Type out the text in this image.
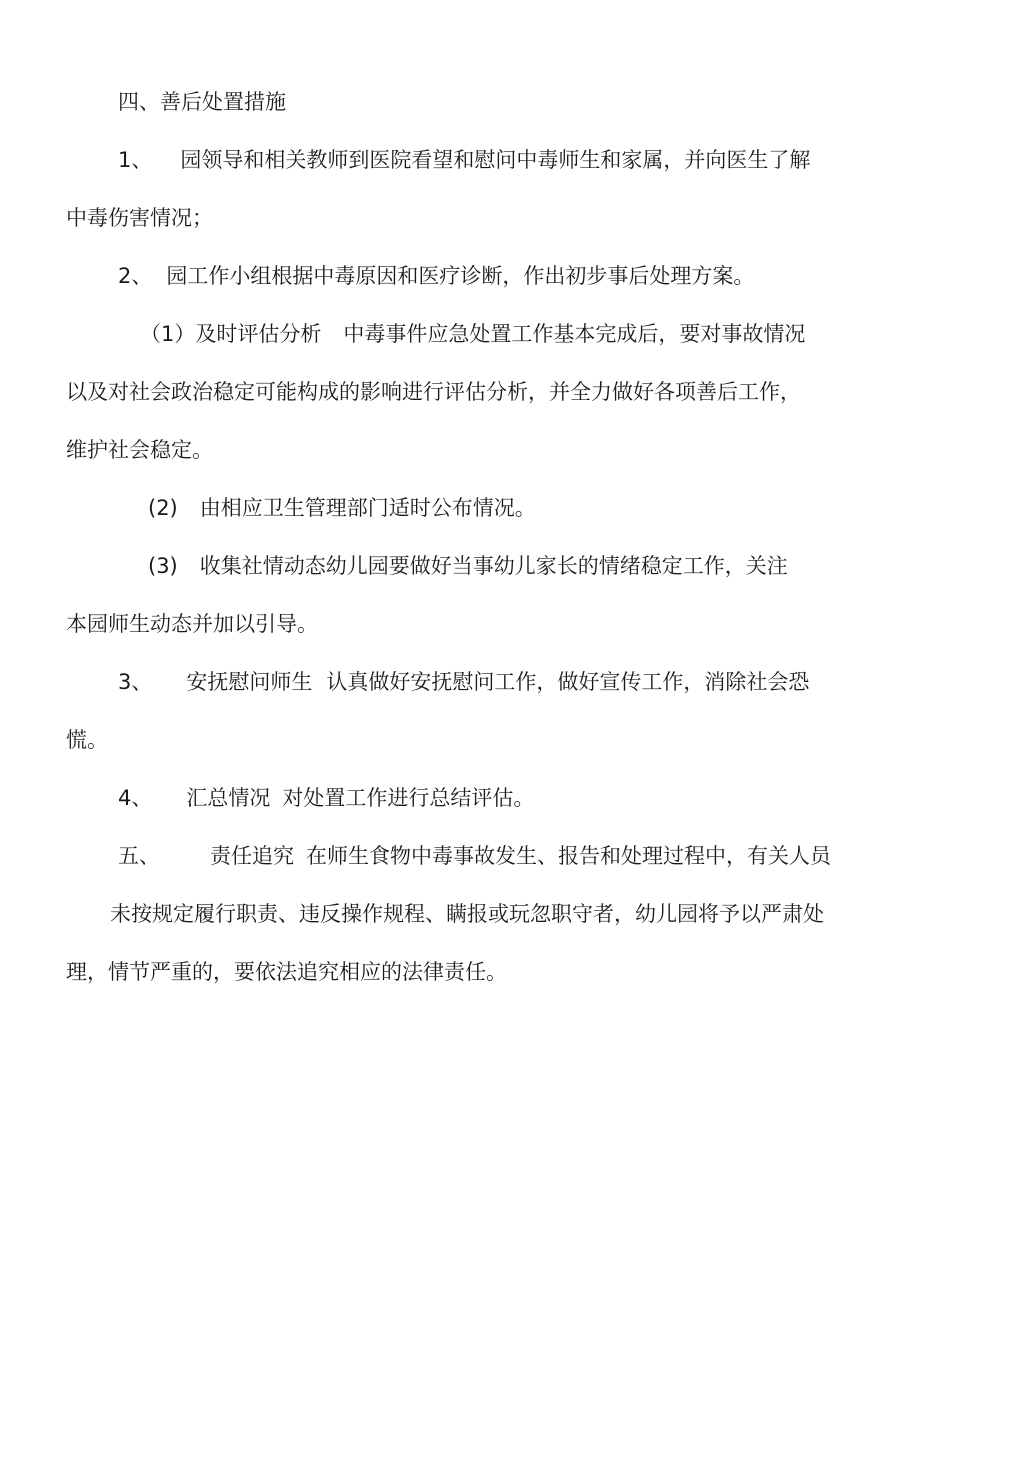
四、善后处置措施
1、 园领导和相关教师到医院看望和慰问中毒师生和家属，并向医生了解
中毒伤害情况；
2、 园工作小组根据中毒原因和医疗诊断，作出初步事后处理方案。
（1）及时评估分析 中毒事件应急处置工作基本完成后，要对事故情况
以及对社会政治稳定可能构成的影响进行评估分析，并全力做好各项善后工作，
维护社会稳定。
(2) 由相应卫生管理部门适时公布情况。
(3) 收集社情动态幼儿园要做好当事幼儿家长的情绪稳定工作，关注
本园师生动态并加以引导。
3、 安抚慰问师生 认真做好安抚慰问工作，做好宣传工作，消除社会恐
慌。
4、 汇总情况 对处置工作进行总结评估。
五、 责任追究 在师生食物中毒事故发生、报告和处理过程中，有关人员
未按规定履行职责、违反操作规程、瞒报或玩忽职守者，幼儿园将予以严肃处
理，情节严重的，要依法追究相应的法律责任。
